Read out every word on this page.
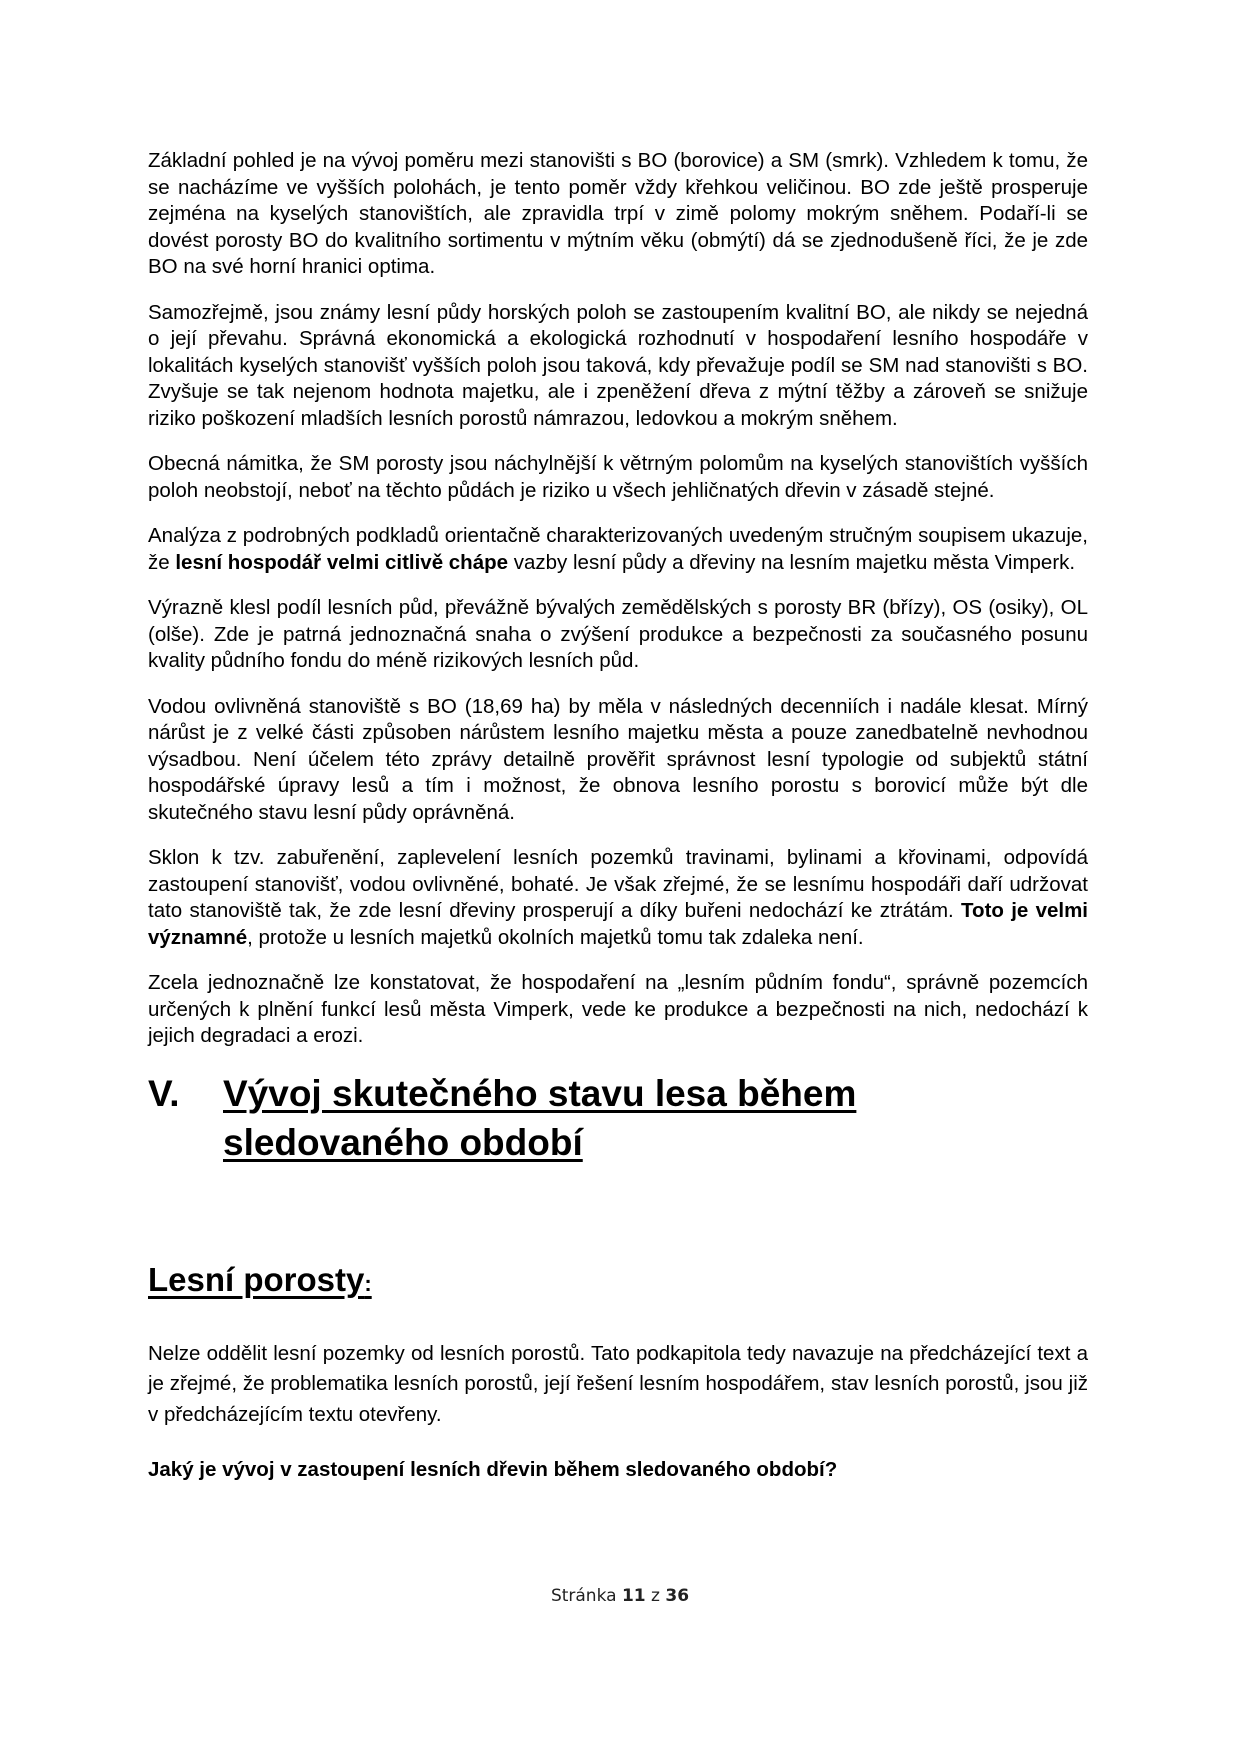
Základní pohled je na vývoj poměru mezi stanovišti s BO (borovice) a SM (smrk). Vzhledem k tomu, že se nacházíme ve vyšších polohách, je tento poměr vždy křehkou veličinou. BO zde ještě prosperuje zejména na kyselých stanovištích, ale zpravidla trpí v zimě polomy mokrým sněhem. Podaří-li se dovést porosty BO do kvalitního sortimentu v mýtním věku (obmýtí) dá se zjednodušeně říci, že je zde BO na své horní hranici optima.

Samozřejmě, jsou známy lesní půdy horských poloh se zastoupením kvalitní BO, ale nikdy se nejedná o její převahu. Správná ekonomická a ekologická rozhodnutí v hospodaření lesního hospodáře v lokalitách kyselých stanovišť vyšších poloh jsou taková, kdy převažuje podíl se SM nad stanovišti s BO. Zvyšuje se tak nejenom hodnota majetku, ale i zpeněžení dřeva z mýtní těžby a zároveň se snižuje riziko poškození mladších lesních porostů námrazou, ledovkou a mokrým sněhem.

Obecná námitka, že SM porosty jsou náchylnější k větrným polomům na kyselých stanovištích vyšších poloh neobstojí, neboť na těchto půdách je riziko u všech jehličnatých dřevin v zásadě stejné.

Analýza z podrobných podkladů orientačně charakterizovaných uvedeným stručným soupisem ukazuje, že lesní hospodář velmi citlivě chápe vazby lesní půdy a dřeviny na lesním majetku města Vimperk.

Výrazně klesl podíl lesních půd, převážně bývalých zemědělských s porosty BR (břízy), OS (osiky), OL (olše). Zde je patrná jednoznačná snaha o zvýšení produkce a bezpečnosti za současného posunu kvality půdního fondu do méně rizikových lesních půd.

Vodou ovlivněná stanoviště s BO (18,69 ha) by měla v následných decenniích i nadále klesat. Mírný nárůst je z velké části způsoben nárůstem lesního majetku města a pouze zanedbatelně nevhodnou výsadbou. Není účelem této zprávy detailně prověřit správnost lesní typologie od subjektů státní hospodářské úpravy lesů a tím i možnost, že obnova lesního porostu s borovicí může být dle skutečného stavu lesní půdy oprávněná.

Sklon k tzv. zabuřenění, zaplevelení lesních pozemků travinami, bylinami a křovinami, odpovídá zastoupení stanovišť, vodou ovlivněné, bohaté. Je však zřejmé, že se lesnímu hospodáři daří udržovat tato stanoviště tak, že zde lesní dřeviny prosperují a díky buřeni nedochází ke ztrátám. Toto je velmi významné, protože u lesních majetků okolních majetků tomu tak zdaleka není.

Zcela jednoznačně lze konstatovat, že hospodaření na „lesním půdním fondu“, správně pozemcích určených k plnění funkcí lesů města Vimperk, vede ke produkce a bezpečnosti na nich, nedochází k jejich degradaci a erozi.

V. Vývoj skutečného stavu lesa během
sledovaného období
Lesní porosty:

Nelze oddělit lesní pozemky od lesních porostů. Tato podkapitola tedy navazuje na předcházející text a je zřejmé, že problematika lesních porostů, její řešení lesním hospodářem, stav lesních porostů, jsou již v předcházejícím textu otevřeny.

Jaký je vývoj v zastoupení lesních dřevin během sledovaného období?

Stránka 11 z 36
